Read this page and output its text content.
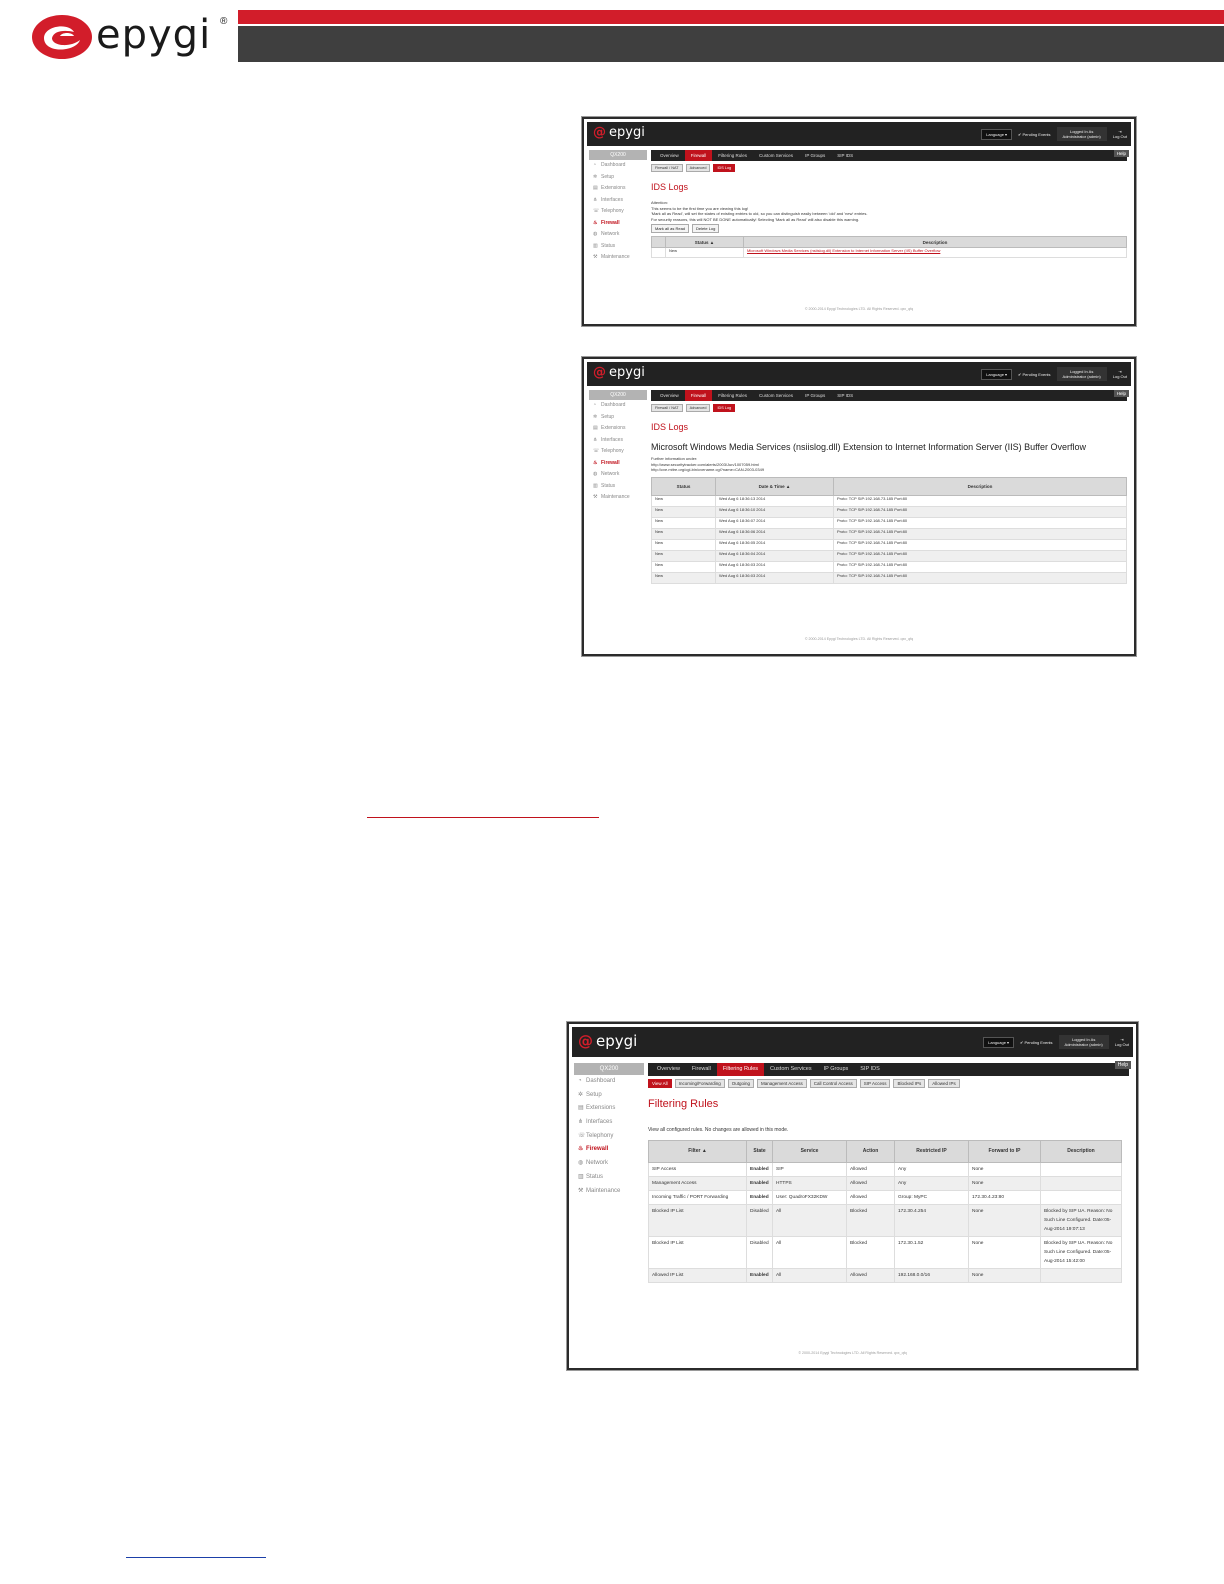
epygi ®
@ epygi	Language ▾	✔ Pending Events	Logged In As
Administrator (admin)
⇥
Log Out
QX200
◔ Dashboard
✲ Setup
▤ Extensions
⋔ Interfaces
☏ Telephony
♨ Firewall
◍ Network
▥ Status
⚒ Maintenance
Overview	Firewall	Filtering Rules	Custom Services	IP Groups	SIP IDS
Firewall / NAT	Advanced	IDS Log
IDS Logs
Attention:
This seems to be the first time you are viewing this log!
'Mark all as Read', will set the states of existing entries to old, so you can distinguish easily between 'old' and 'new' entries.
For security reasons, this will NOT BE DONE automatically! Selecting 'Mark all as Read' will also disable this warning.
Mark all as Read	Delete Log
	Status ▲	Description
	New	Microsoft Windows Media Services (nsiislog.dll) Extension to Internet Information Server (IIS) Buffer Overflow
Help
© 2000-2014 Epygi Technologies LTD. All Rights Reserved. qxx_qfq
@ epygi	Language ▾	✔ Pending Events	Logged In As
Administrator (admin)
⇥
Log Out
QX200
◔ Dashboard
✲ Setup
▤ Extensions
⋔ Interfaces
☏ Telephony
♨ Firewall
◍ Network
▥ Status
⚒ Maintenance
Overview	Firewall	Filtering Rules	Custom Services	IP Groups	SIP IDS
Firewall / NAT	Advanced	IDS Log
IDS Logs
Microsoft Windows Media Services (nsiislog.dll) Extension to Internet Information Server (IIS) Buffer Overflow
Further information under:
http://www.securitytracker.com/alerts/2003/Jun/1007059.html
http://cve.mitre.org/cgi-bin/cvename.cgi?name=CAN-2003-0349
Status	Date & Time ▲	Description
New	Wed Aug 6 18:36:13 2014	Proto: TCP SIP:192.168.73.185 Port:80
New	Wed Aug 6 18:36:10 2014	Proto: TCP SIP:192.168.74.185 Port:80
New	Wed Aug 6 18:36:07 2014	Proto: TCP SIP:192.168.74.185 Port:80
New	Wed Aug 6 18:36:06 2014	Proto: TCP SIP:192.168.74.185 Port:80
New	Wed Aug 6 18:36:05 2014	Proto: TCP SIP:192.168.74.185 Port:80
New	Wed Aug 6 18:36:04 2014	Proto: TCP SIP:192.168.74.185 Port:80
New	Wed Aug 6 18:36:03 2014	Proto: TCP SIP:192.168.74.185 Port:80
New	Wed Aug 6 18:36:03 2014	Proto: TCP SIP:192.168.74.185 Port:80
Help
© 2000-2014 Epygi Technologies LTD. All Rights Reserved. qxx_qfq
@ epygi	Language ▾	✔ Pending Events	Logged In As
Administrator (admin)
⇥
Log Out
QX200
◔ Dashboard
✲ Setup
▤ Extensions
⋔ Interfaces
☏Telephony
♨ Firewall
◍ Network
▥ Status
⚒ Maintenance
Overview	Firewall	Filtering Rules	Custom Services	IP Groups	SIP IDS
View All	Incoming/Forwarding	Outgoing	Management Access	Call Control Access	SIP Access	Blocked IPs	Allowed IPs
Filtering Rules
View all configured rules. No changes are allowed in this mode.
Filter ▲	State	Service	Action	Restricted IP	Forward to IP	Description
SIP Access	Enabled	SIP	Allowed	Any	None	
Management Access	Enabled	HTTPS	Allowed	Any	None	
Incoming Traffic / PORT Forwarding	Enabled	User: QuadroFX32KDW	Allowed	Group: MyPC	172.30.4.23:80	
Blocked IP List	Disabled	All	Blocked	172.30.4.254	None	Blocked by SIP UA. Reason: No Such Line Configured. Date:05-Aug-2014 19:07:13
Blocked IP List	Disabled	All	Blocked	172.30.1.52	None	Blocked by SIP UA. Reason: No Such Line Configured. Date:05-Aug-2014 15:42:00
Allowed IP List	Enabled	All	Allowed	192.168.0.0/16	None	
Help
© 2000-2014 Epygi Technologies LTD. All Rights Reserved. qxx_qfq
